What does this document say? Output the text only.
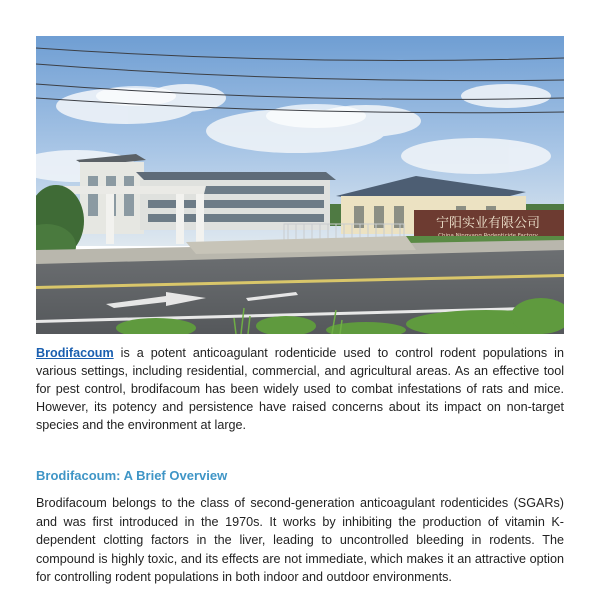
宁阳实业有限公司

Brodifacoum is a potent anticoagulant rodenticide used to control rodent populations in various settings, including residential, commercial, and agricultural areas. As an effective tool for pest control, brodifacoum has been widely used to combat infestations of rats and mice. However, its potency and persistence have raised concerns about its impact on non-target species and the environment at large.

Brodifacoum: A Brief Overview

Brodifacoum belongs to the class of second-generation anticoagulant rodenticides (SGARs) and was first introduced in the 1970s. It works by inhibiting the production of vitamin K-dependent clotting factors in the liver, leading to uncontrolled bleeding in rodents. The compound is highly toxic, and its effects are not immediate, which makes it an attractive option for controlling rodent populations in both indoor and outdoor environments.
